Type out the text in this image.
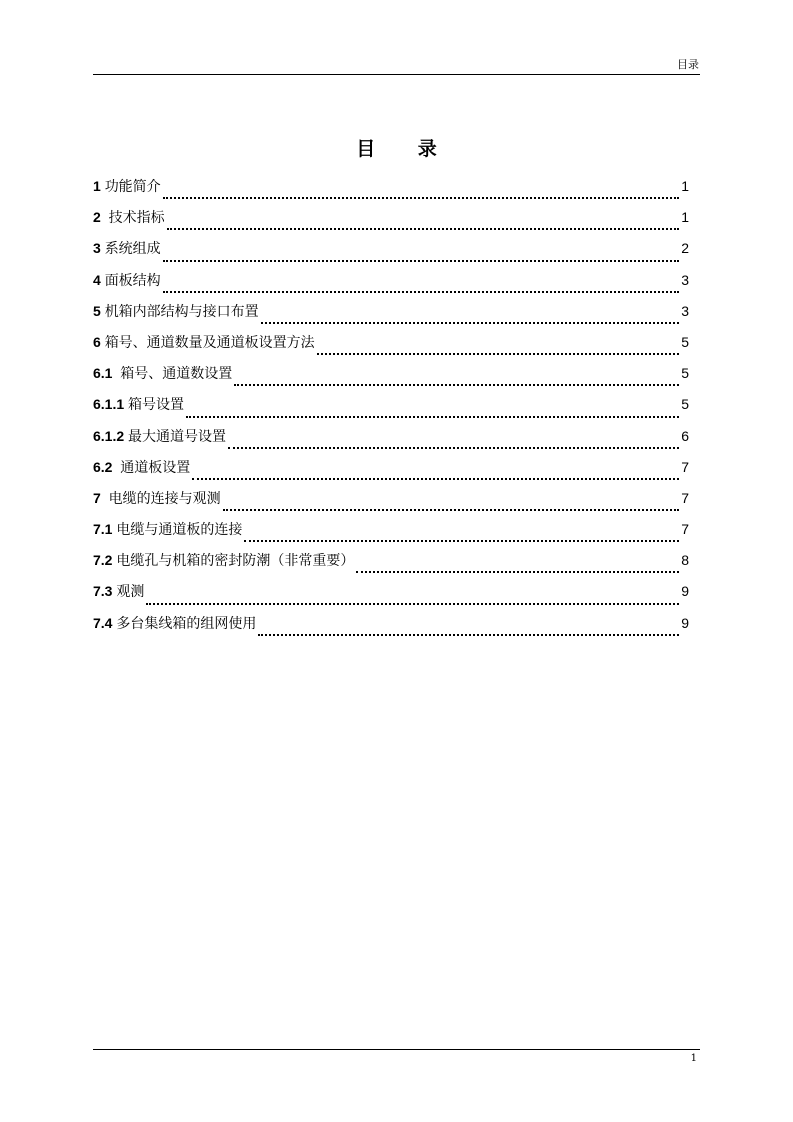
目录
目 录
1 功能简介	1
2 技术指标	1
3 系统组成	2
4 面板结构	3
5 机箱内部结构与接口布置	3
6 箱号、通道数量及通道板设置方法	5
6.1 箱号、通道数设置	5
6.1.1 箱号设置	5
6.1.2 最大通道号设置	6
6.2 通道板设置	7
7 电缆的连接与观测	7
7.1 电缆与通道板的连接	7
7.2 电缆孔与机箱的密封防潮（非常重要）	8
7.3 观测	9
7.4 多台集线箱的组网使用	9
1
